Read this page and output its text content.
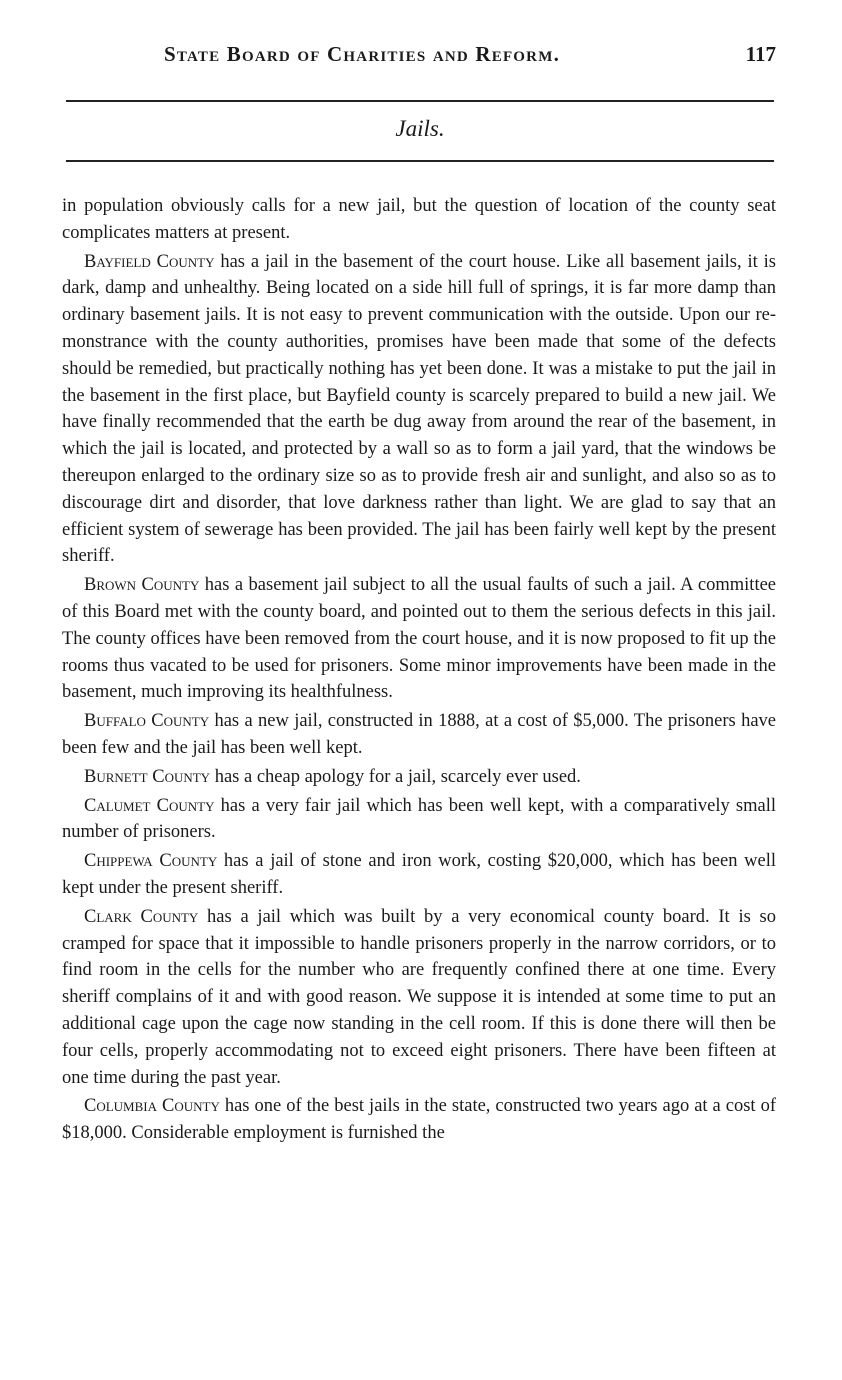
State Board of Charities and Reform.	117
Jails.

in population obviously calls for a new jail, but the question of location of the county seat complicates matters at present.

Bayfield County has a jail in the basement of the court house. Like all basement jails, it is dark, damp and unhealthy. Being located on a side hill full of springs, it is far more damp than ordinary basement jails. It is not easy to prevent communication with the outside. Upon our remonstrance with the county authorities, promises have been made that some of the defects should be remedied, but practically nothing has yet been done. It was a mistake to put the jail in the basement in the first place, but Bayfield county is scarcely prepared to build a new jail. We have finally recommended that the earth be dug away from around the rear of the basement, in which the jail is located, and protected by a wall so as to form a jail yard, that the windows be thereupon enlarged to the ordinary size so as to provide fresh air and sunlight, and also so as to discourage dirt and disorder, that love darkness rather than light. We are glad to say that an efficient system of sewerage has been provided. The jail has been fairly well kept by the present sheriff.

Brown County has a basement jail subject to all the usual faults of such a jail. A committee of this Board met with the county board, and pointed out to them the serious defects in this jail. The county offices have been removed from the court house, and it is now proposed to fit up the rooms thus vacated to be used for prisoners. Some minor improvements have been made in the basement, much improving its healthfulness.

Buffalo County has a new jail, constructed in 1888, at a cost of $5,000. The prisoners have been few and the jail has been well kept.

Burnett County has a cheap apology for a jail, scarcely ever used.

Calumet County has a very fair jail which has been well kept, with a comparatively small number of prisoners.

Chippewa County has a jail of stone and iron work, costing $20,000, which has been well kept under the present sheriff.

Clark County has a jail which was built by a very economical county board. It is so cramped for space that it impossible to handle prisoners properly in the narrow corridors, or to find room in the cells for the number who are frequently confined there at one time. Every sheriff complains of it and with good reason. We suppose it is intended at some time to put an additional cage upon the cage now standing in the cell room. If this is done there will then be four cells, properly accommodating not to exceed eight prisoners. There have been fifteen at one time during the past year.

Columbia County has one of the best jails in the state, constructed two years ago at a cost of $18,000. Considerable employment is furnished the
